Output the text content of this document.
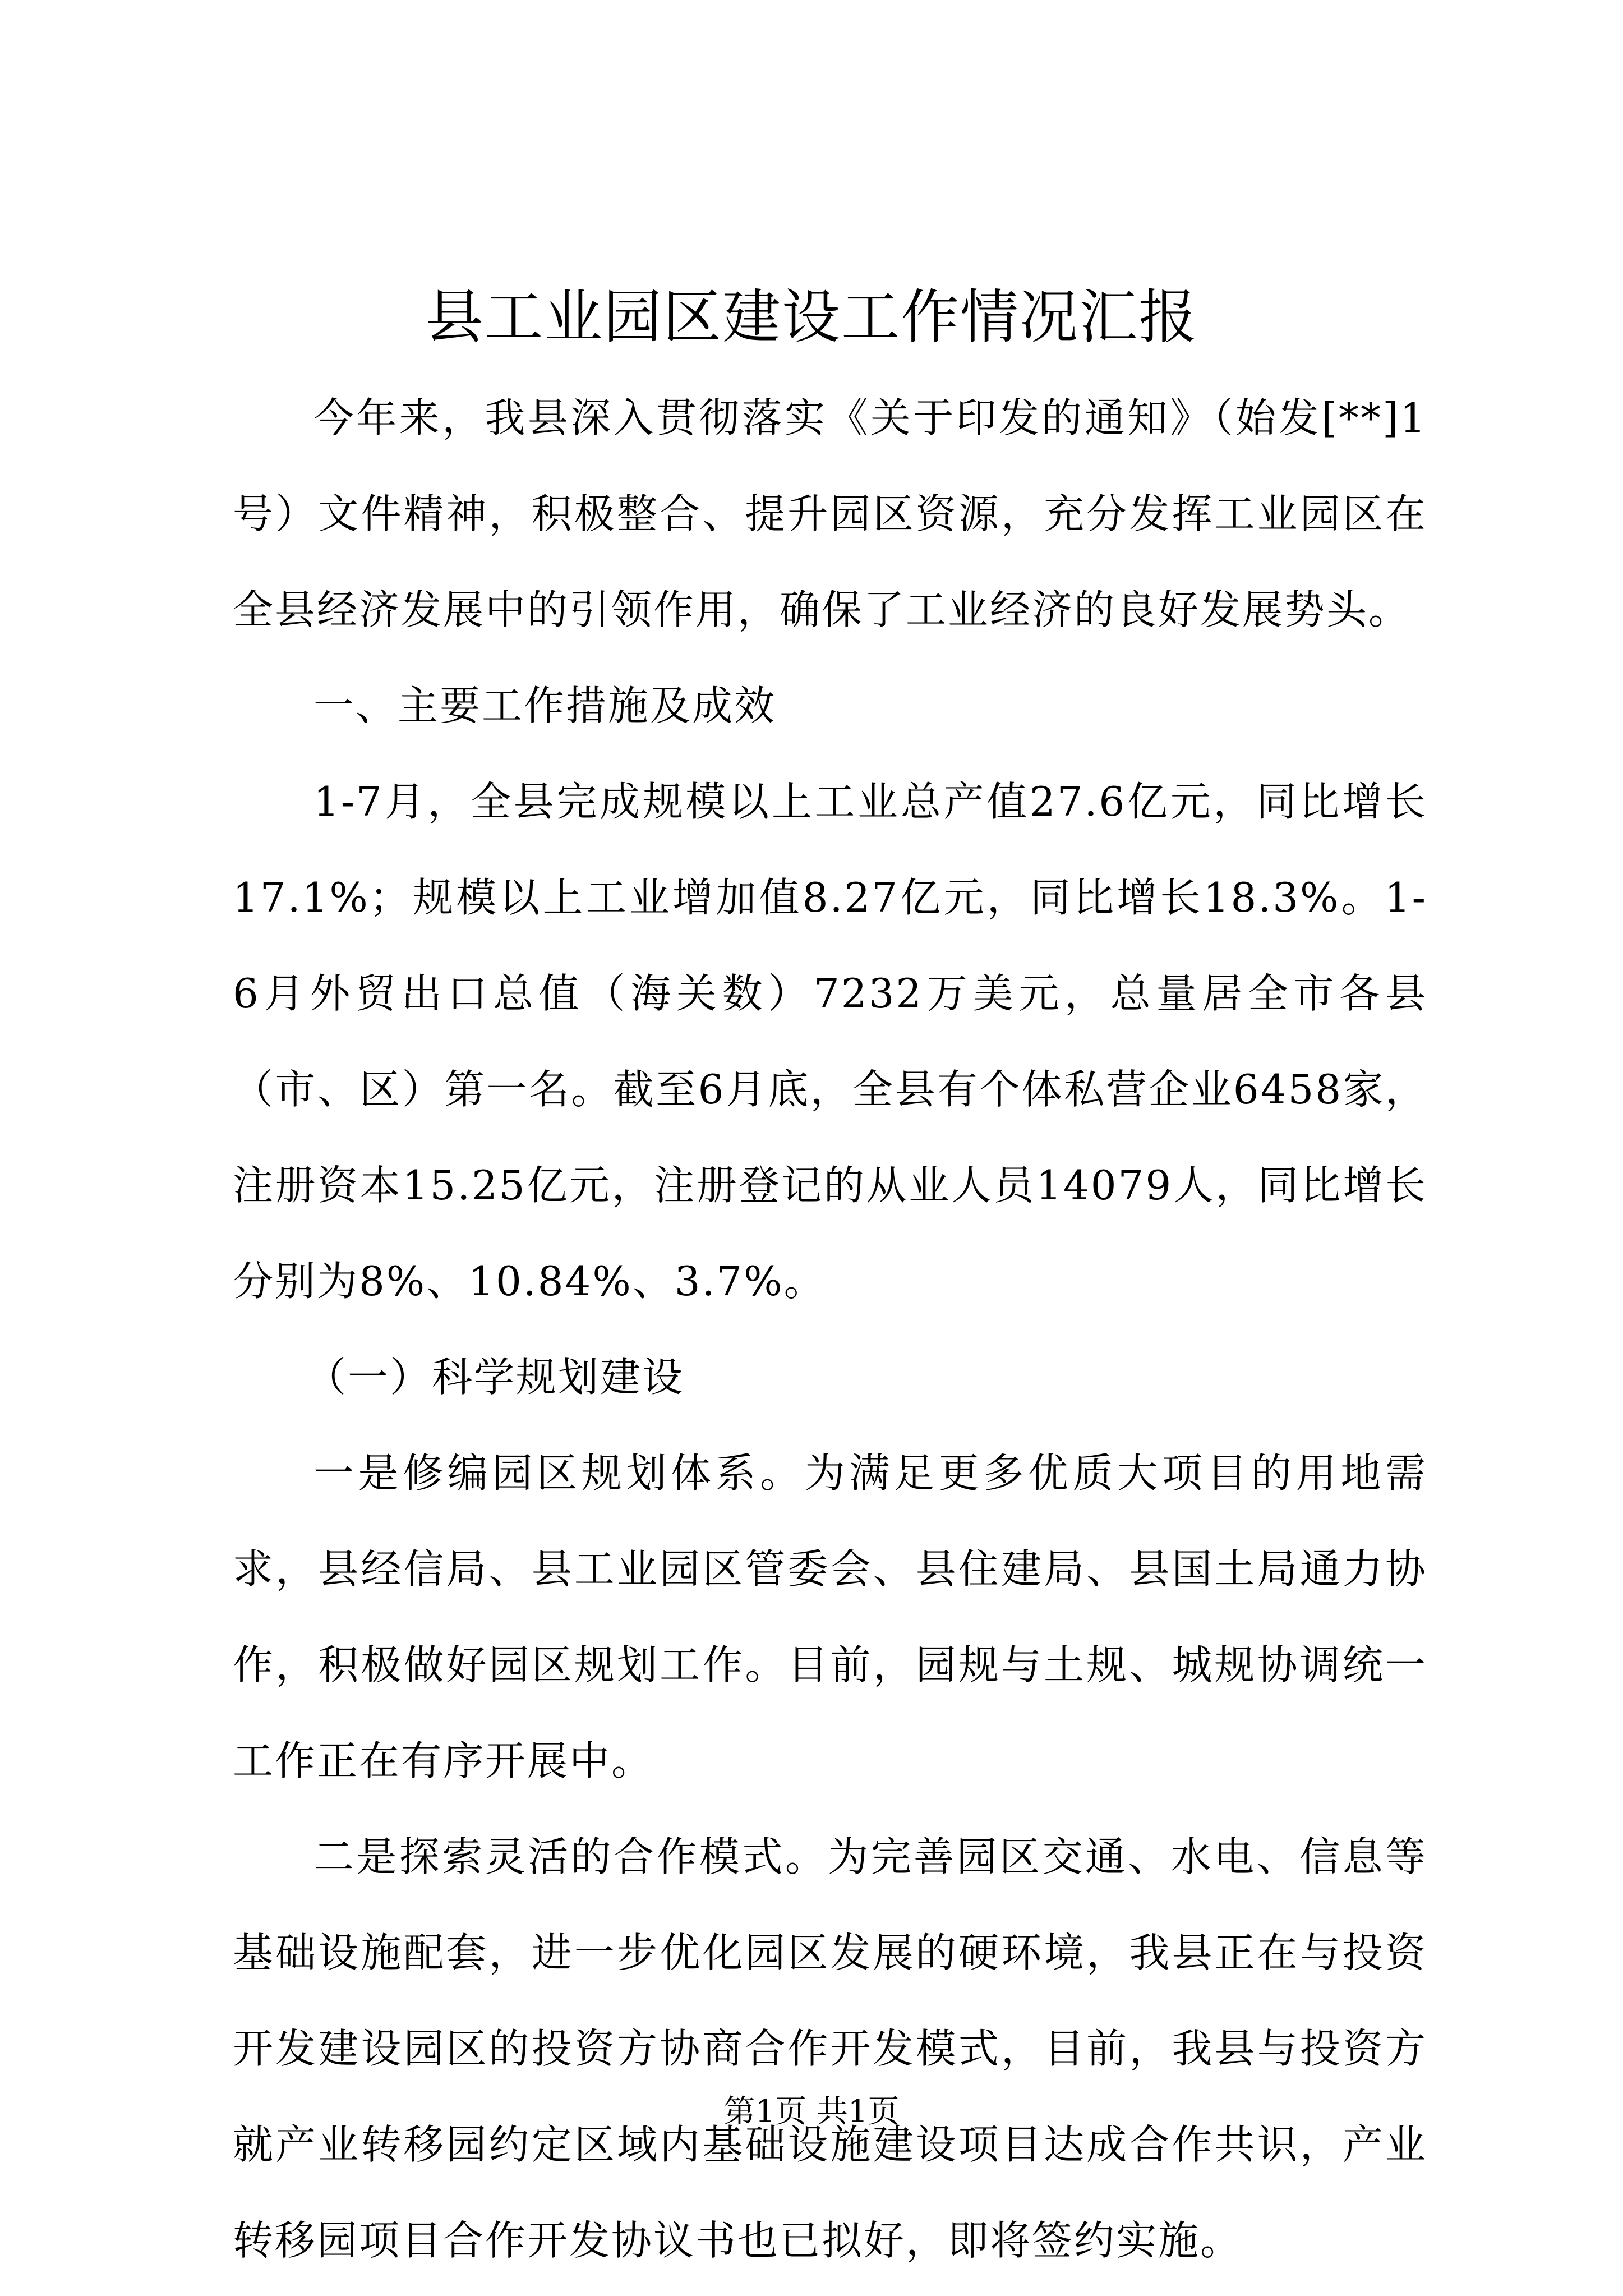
县工业园区建设工作情况汇报

今年来，我县深入贯彻落实《关于印发的通知》（始发[**]1号）文件精神，积极整合、提升园区资源，充分发挥工业园区在全县经济发展中的引领作用，确保了工业经济的良好发展势头。

一、主要工作措施及成效

1-7月，全县完成规模以上工业总产值27.6亿元，同比增长17.1%；规模以上工业增加值8.27亿元，同比增长18.3%。1-6月外贸出口总值（海关数）7232万美元，总量居全市各县（市、区）第一名。截至6月底，全县有个体私营企业6458家，注册资本15.25亿元，注册登记的从业人员14079人，同比增长分别为8%、10.84%、3.7%。

（一）科学规划建设

一是修编园区规划体系。为满足更多优质大项目的用地需求，县经信局、县工业园区管委会、县住建局、县国土局通力协作，积极做好园区规划工作。目前，园规与土规、城规协调统一工作正在有序开展中。

二是探索灵活的合作模式。为完善园区交通、水电、信息等基础设施配套，进一步优化园区发展的硬环境，我县正在与投资开发建设园区的投资方协商合作开发模式，目前，我县与投资方就产业转移园约定区域内基础设施建设项目达成合作共识，产业转移园项目合作开发协议书也已拟好，即将签约实施。

第1页 共1页
